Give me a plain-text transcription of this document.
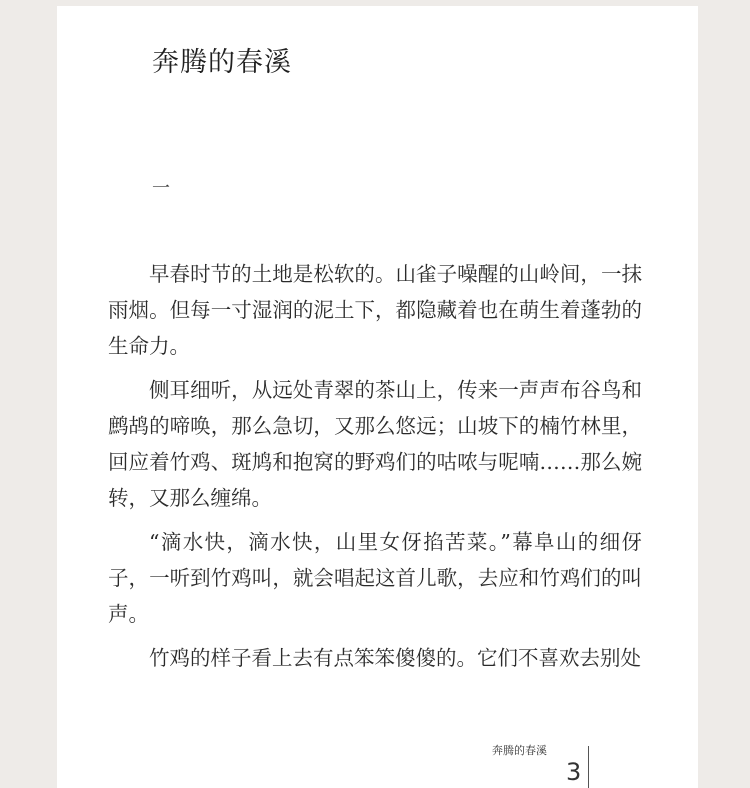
奔腾的春溪
一

早春时节的土地是松软的。山雀子噪醒的山岭间，一抹雨烟。但每一寸湿润的泥土下，都隐藏着也在萌生着蓬勃的生命力。

侧耳细听，从远处青翠的茶山上，传来一声声布谷鸟和鹧鸪的啼唤，那么急切，又那么悠远；山坡下的楠竹林里，回应着竹鸡、斑鸠和抱窝的野鸡们的咕哝与呢喃……那么婉转，又那么缠绵。

“滴水快，滴水快，山里女伢掐苦菜。”幕阜山的细伢子，一听到竹鸡叫，就会唱起这首儿歌，去应和竹鸡们的叫声。

竹鸡的样子看上去有点笨笨傻傻的。它们不喜欢去别处

奔腾的春溪
3
